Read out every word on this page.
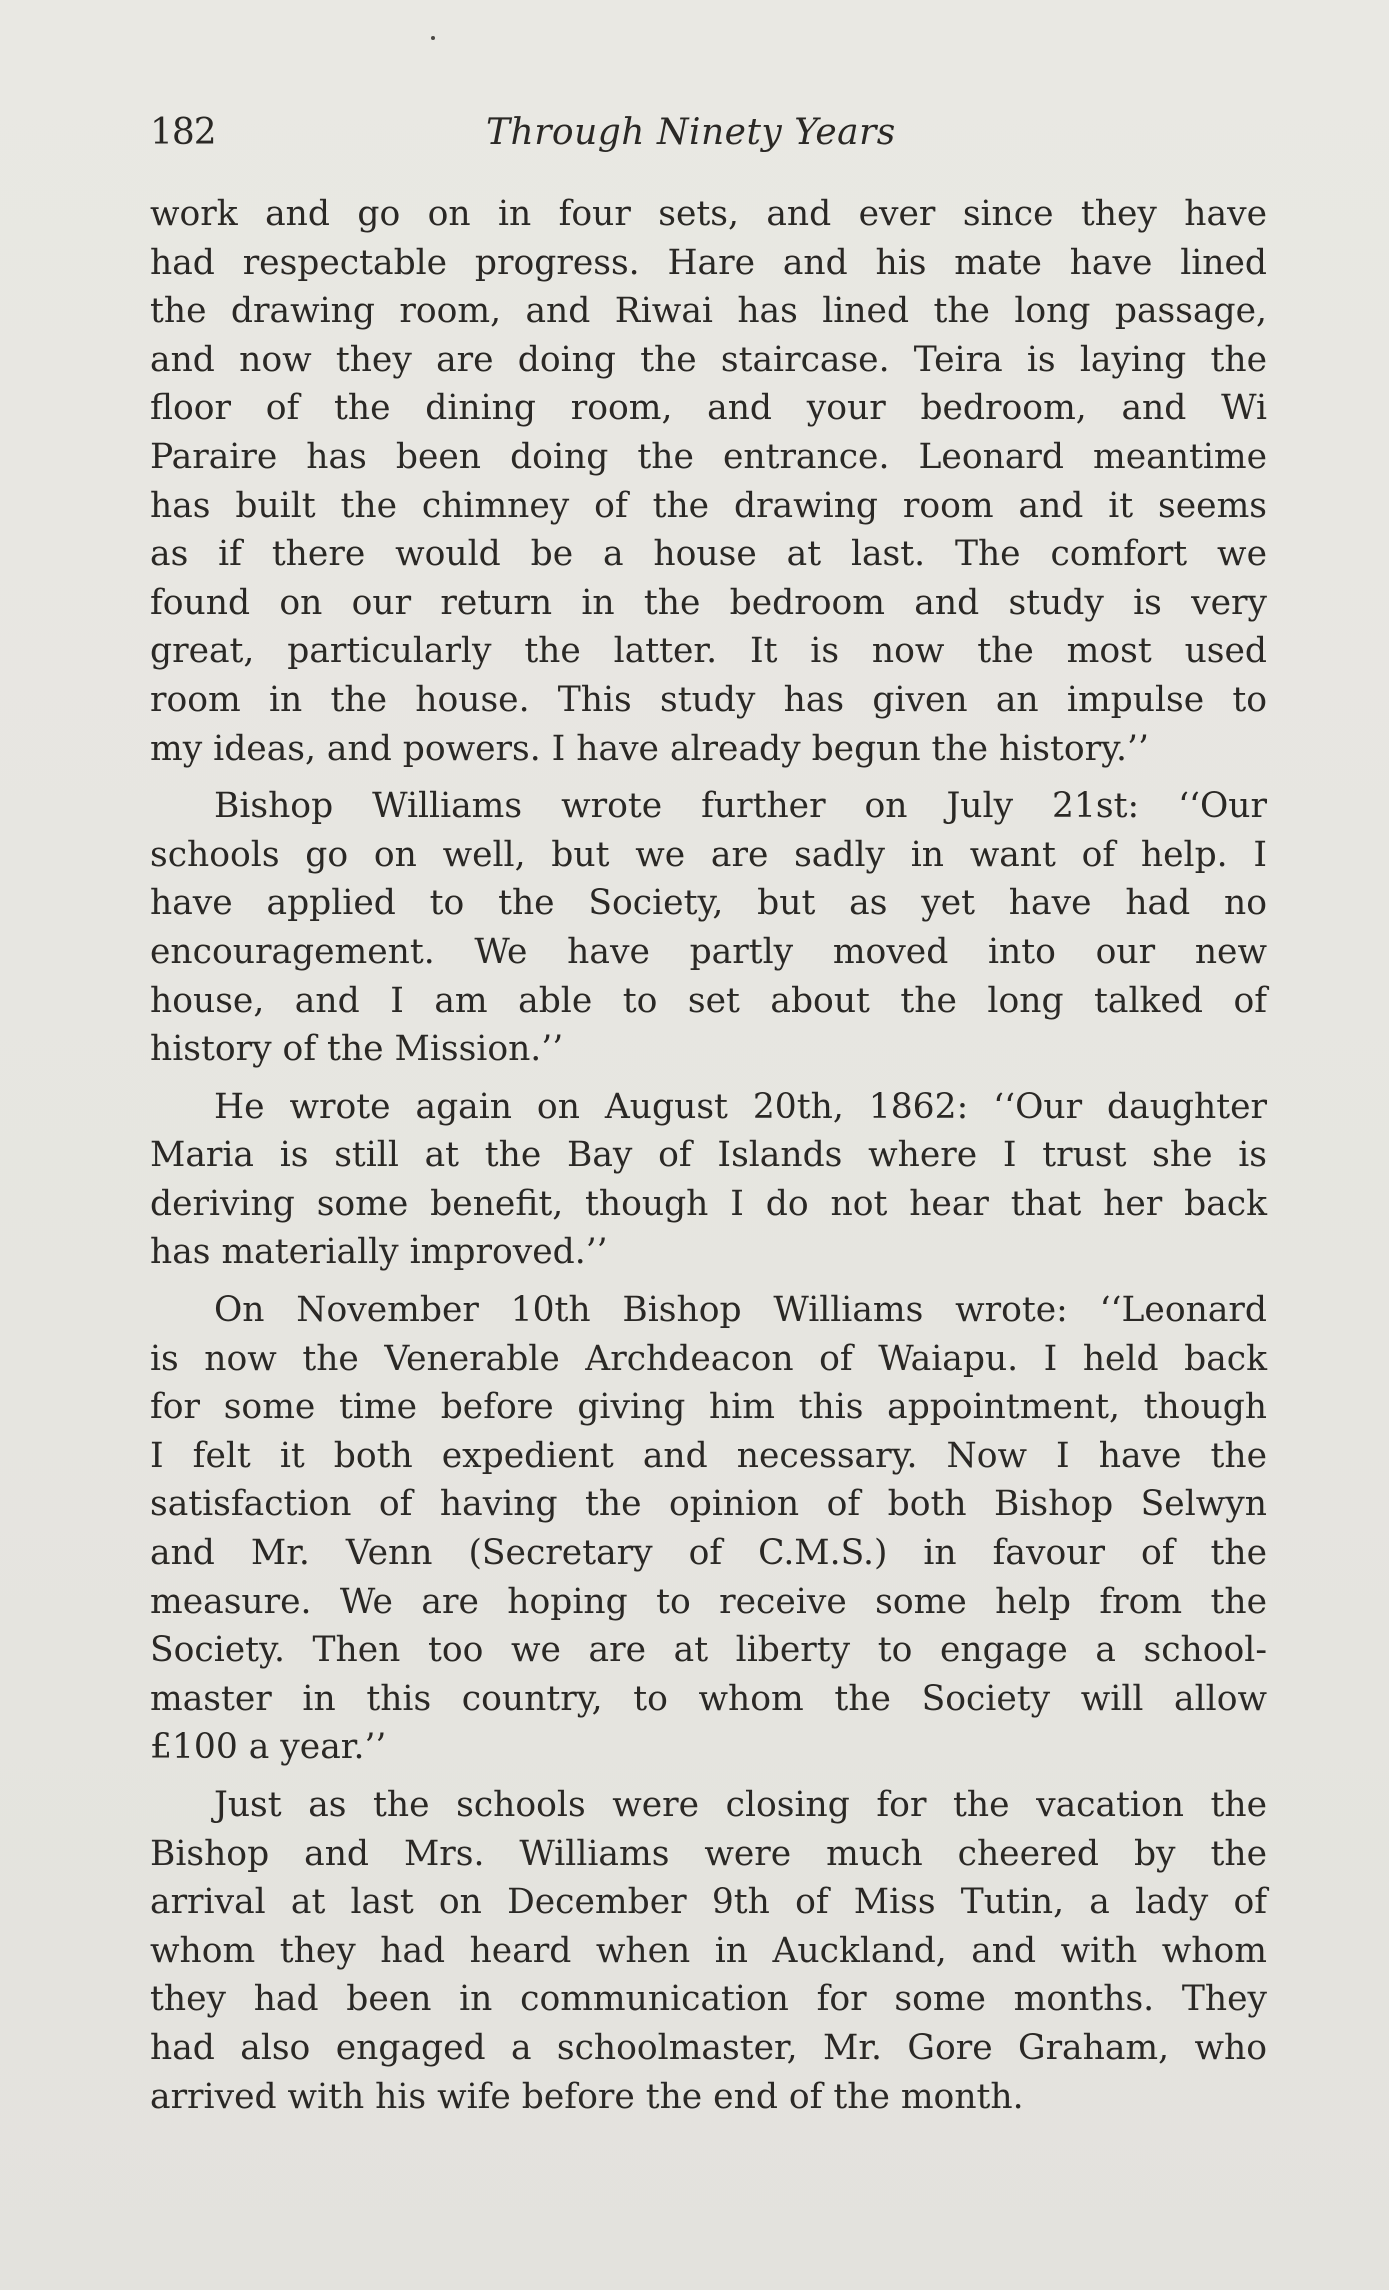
182	Through Ninety Years
work and go on in four sets, and ever since they have
had respectable progress. Hare and his mate have lined
the drawing room, and Riwai has lined the long passage,
and now they are doing the staircase. Teira is laying the
floor of the dining room, and your bedroom, and Wi
Paraire has been doing the entrance. Leonard meantime
has built the chimney of the drawing room and it seems
as if there would be a house at last. The comfort we
found on our return in the bedroom and study is very
great, particularly the latter. It is now the most used
room in the house. This study has given an impulse to
my ideas, and powers. I have already begun the history.’’
Bishop Williams wrote further on July 21st: ‘‘Our
schools go on well, but we are sadly in want of help. I
have applied to the Society, but as yet have had no
encouragement. We have partly moved into our new
house, and I am able to set about the long talked of
history of the Mission.’’
He wrote again on August 20th, 1862: ‘‘Our daughter
Maria is still at the Bay of Islands where I trust she is
deriving some benefit, though I do not hear that her back
has materially improved.’’
On November 10th Bishop Williams wrote: ‘‘Leonard
is now the Venerable Archdeacon of Waiapu. I held back
for some time before giving him this appointment, though
I felt it both expedient and necessary. Now I have the
satisfaction of having the opinion of both Bishop Selwyn
and Mr. Venn (Secretary of C.M.S.) in favour of the
measure. We are hoping to receive some help from the
Society. Then too we are at liberty to engage a school-
master in this country, to whom the Society will allow
£100 a year.’’
Just as the schools were closing for the vacation the
Bishop and Mrs. Williams were much cheered by the
arrival at last on December 9th of Miss Tutin, a lady of
whom they had heard when in Auckland, and with whom
they had been in communication for some months. They
had also engaged a schoolmaster, Mr. Gore Graham, who
arrived with his wife before the end of the month.
